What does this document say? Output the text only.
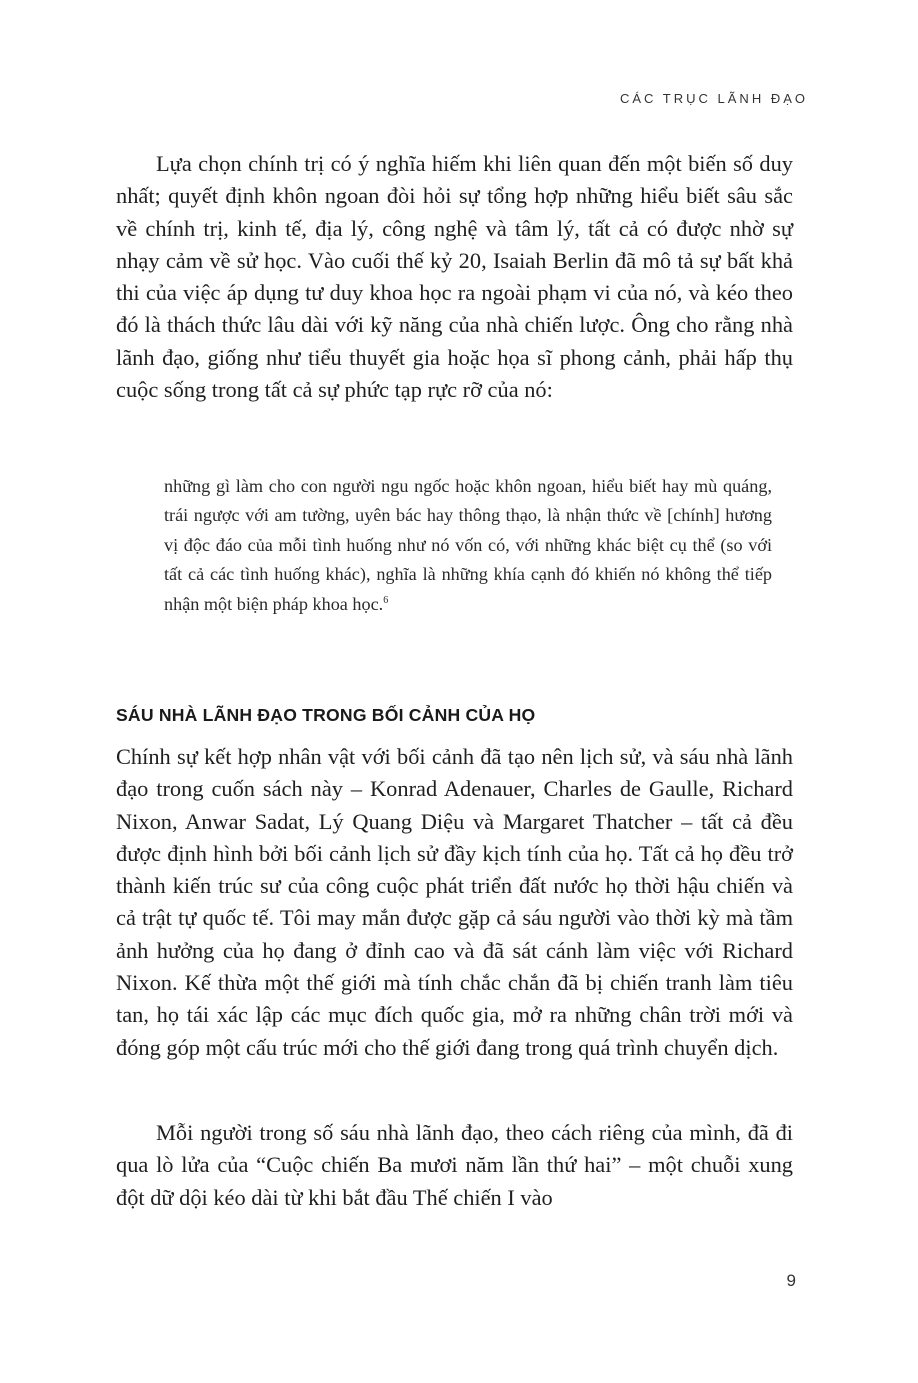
CÁC TRỤC LÃNH ĐẠO

Lựa chọn chính trị có ý nghĩa hiếm khi liên quan đến một biến số duy nhất; quyết định khôn ngoan đòi hỏi sự tổng hợp những hiểu biết sâu sắc về chính trị, kinh tế, địa lý, công nghệ và tâm lý, tất cả có được nhờ sự nhạy cảm về sử học. Vào cuối thế kỷ 20, Isaiah Berlin đã mô tả sự bất khả thi của việc áp dụng tư duy khoa học ra ngoài phạm vi của nó, và kéo theo đó là thách thức lâu dài với kỹ năng của nhà chiến lược. Ông cho rằng nhà lãnh đạo, giống như tiểu thuyết gia hoặc họa sĩ phong cảnh, phải hấp thụ cuộc sống trong tất cả sự phức tạp rực rỡ của nó:

những gì làm cho con người ngu ngốc hoặc khôn ngoan, hiểu biết hay mù quáng, trái ngược với am tường, uyên bác hay thông thạo, là nhận thức về [chính] hương vị độc đáo của mỗi tình huống như nó vốn có, với những khác biệt cụ thể (so với tất cả các tình huống khác), nghĩa là những khía cạnh đó khiến nó không thể tiếp nhận một biện pháp khoa học.$^6$

SÁU NHÀ LÃNH ĐẠO TRONG BỐI CẢNH CỦA HỌ

Chính sự kết hợp nhân vật với bối cảnh đã tạo nên lịch sử, và sáu nhà lãnh đạo trong cuốn sách này – Konrad Adenauer, Charles de Gaulle, Richard Nixon, Anwar Sadat, Lý Quang Diệu và Margaret Thatcher – tất cả đều được định hình bởi bối cảnh lịch sử đầy kịch tính của họ. Tất cả họ đều trở thành kiến trúc sư của công cuộc phát triển đất nước họ thời hậu chiến và cả trật tự quốc tế. Tôi may mắn được gặp cả sáu người vào thời kỳ mà tầm ảnh hưởng của họ đang ở đỉnh cao và đã sát cánh làm việc với Richard Nixon. Kế thừa một thế giới mà tính chắc chắn đã bị chiến tranh làm tiêu tan, họ tái xác lập các mục đích quốc gia, mở ra những chân trời mới và đóng góp một cấu trúc mới cho thế giới đang trong quá trình chuyển dịch.

Mỗi người trong số sáu nhà lãnh đạo, theo cách riêng của mình, đã đi qua lò lửa của “Cuộc chiến Ba mươi năm lần thứ hai” – một chuỗi xung đột dữ dội kéo dài từ khi bắt đầu Thế chiến I vào

9
